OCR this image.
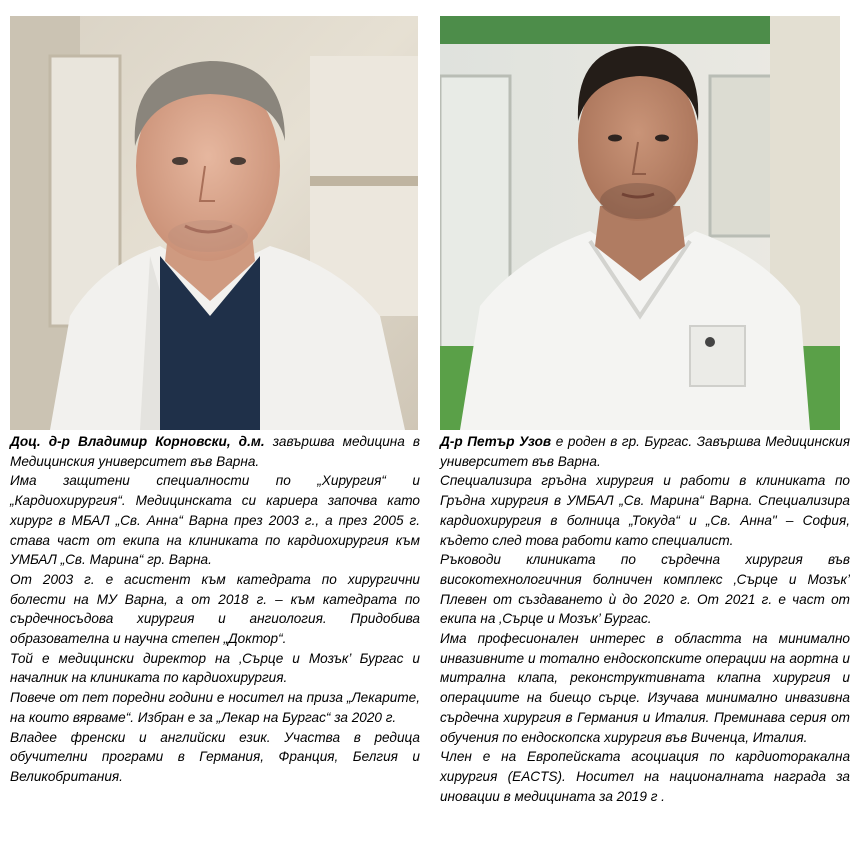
Доц. д-р Владимир Корновски, д.м. завършва медицина в Медицинския университет във Варна.

Има защитени специалности по „Хирургия“ и „Кардиохирургия“. Медицинската си кариера започва като хирург в МБАЛ „Св. Анна“ Варна през 2003 г., а през 2005 г. става част от екипа на клиниката по кардиохирургия към УМБАЛ „Св. Марина“ гр. Варна.

От 2003 г. е асистент към катедрата по хирургични болести на МУ Варна, а от 2018 г. – към катедрата по сърдечносъдова хирургия и ангиология. Придобива образователна и научна степен „Доктор“.

Той е медицински директор на ‚Сърце и Мозък’ Бургас и началник на клиниката по кардиохирургия.

Повече от пет поредни години е носител на приза „Лекарите, на които вярваме“. Избран е за „Лекар на Бургас“ за 2020 г.

Владее френски и английски език. Участва в редица обучителни програми в Германия, Франция, Белгия и Великобритания.

Д-р Петър Узов е роден в гр. Бургас. Завършва Медицинския университет във Варна.

Специализира гръдна хирургия и работи в клиниката по Гръдна хирургия в УМБАЛ „Св. Марина“ Варна. Специализира кардиохирургия в болница „Токуда“ и „Св. Анна" – София, където след това работи като специалист.

Ръководи клиниката по сърдечна хирургия във високотехнологичния болничен комплекс ‚Сърце и Мозък’ Плевен от създаването ѝ до 2020 г. От 2021 г. е част от екипа на ‚Сърце и Мозък’ Бургас.

Има професионален интерес в областта на минимално инвазивните и тотално ендоскопските операции на аортна и митрална клапа, реконструктивната клапна хирургия и операциите на биещо сърце. Изучава минимално инвазивна сърдечна хирургия в Германия и Италия. Преминава серия от обучения по ендоскопска хирургия във Виченца, Италия.

Член е на Европейската асоциация по кардиоторакална хирургия (EACTS). Носител на националната награда за иновации в медицината за 2019 г .
